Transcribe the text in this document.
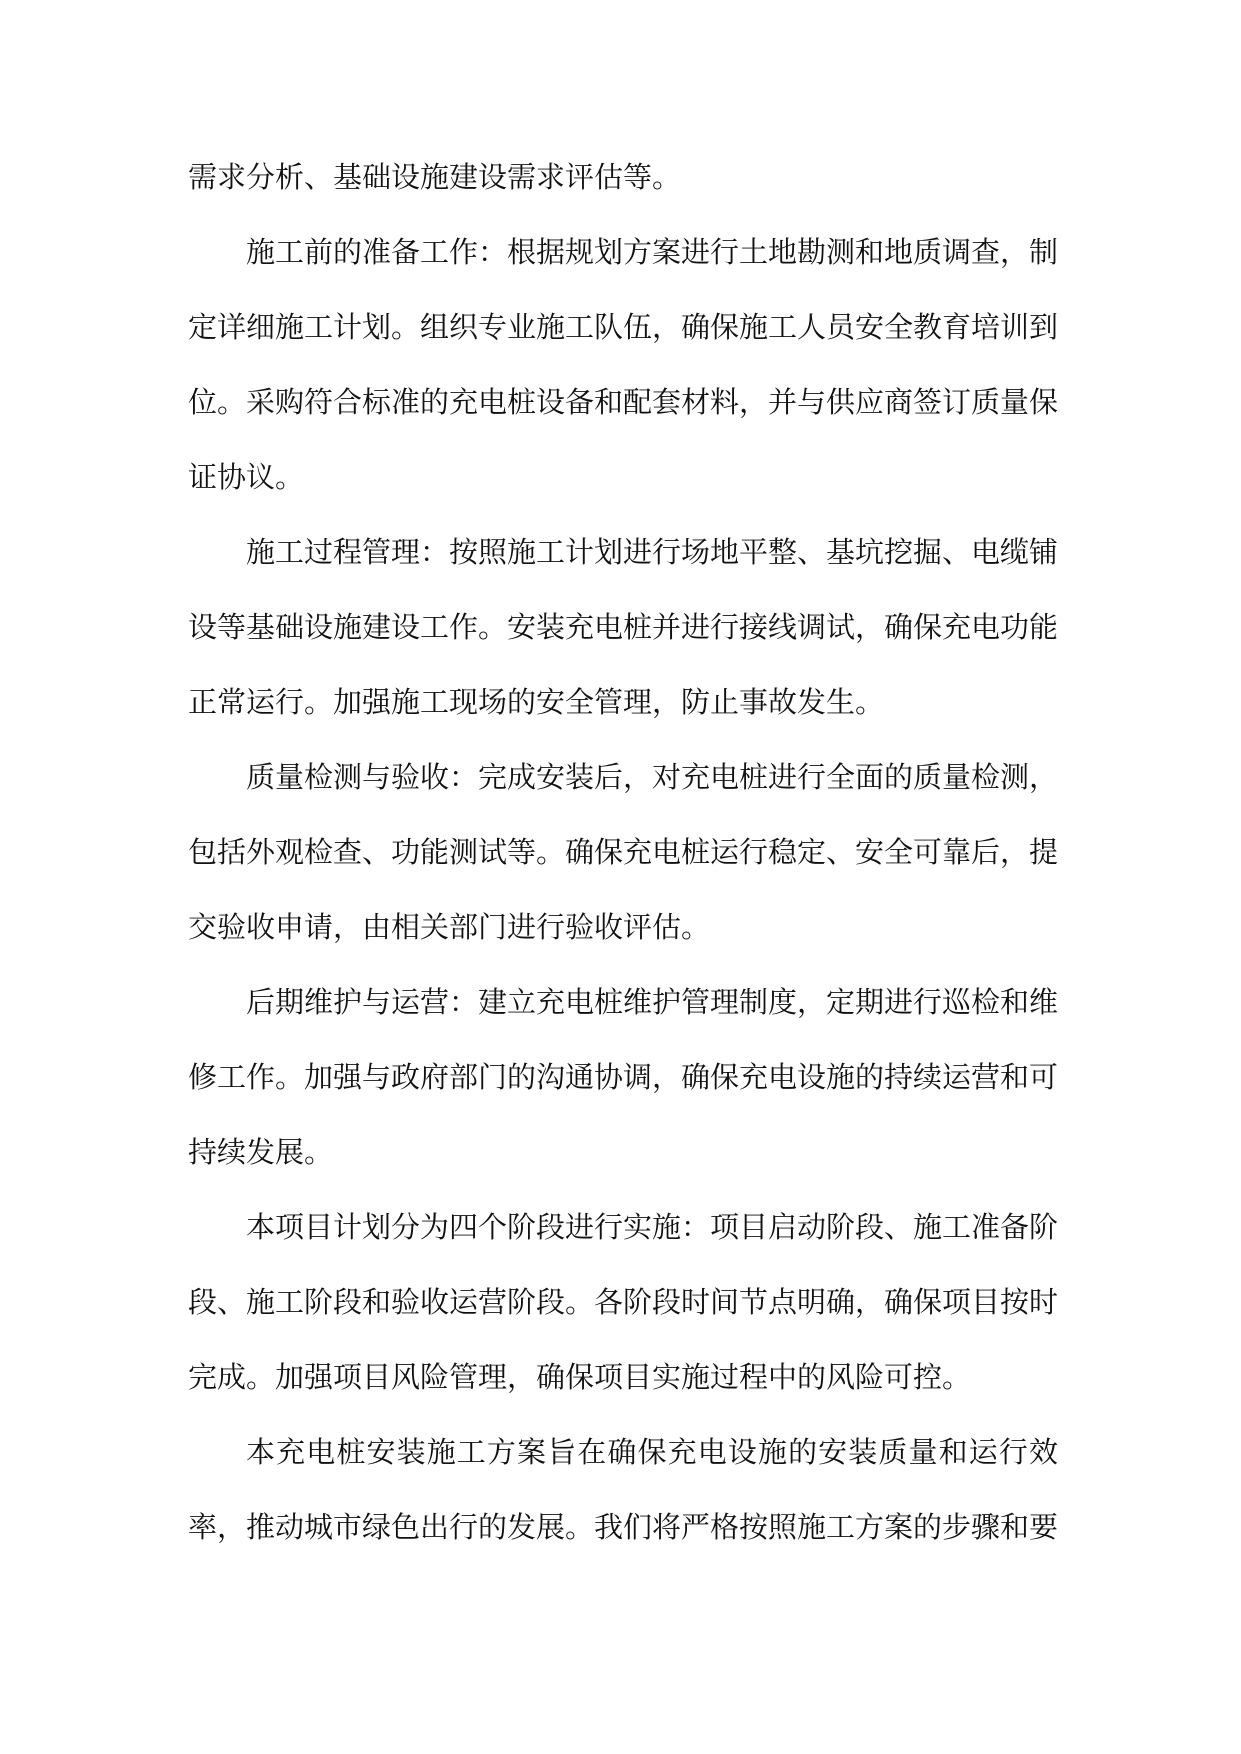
需求分析、基础设施建设需求评估等。

施工前的准备工作：根据规划方案进行土地勘测和地质调查，制定详细施工计划。组织专业施工队伍，确保施工人员安全教育培训到位。采购符合标准的充电桩设备和配套材料，并与供应商签订质量保证协议。

施工过程管理：按照施工计划进行场地平整、基坑挖掘、电缆铺设等基础设施建设工作。安装充电桩并进行接线调试，确保充电功能正常运行。加强施工现场的安全管理，防止事故发生。

质量检测与验收：完成安装后，对充电桩进行全面的质量检测，包括外观检查、功能测试等。确保充电桩运行稳定、安全可靠后，提交验收申请，由相关部门进行验收评估。

后期维护与运营：建立充电桩维护管理制度，定期进行巡检和维修工作。加强与政府部门的沟通协调，确保充电设施的持续运营和可持续发展。

本项目计划分为四个阶段进行实施：项目启动阶段、施工准备阶段、施工阶段和验收运营阶段。各阶段时间节点明确，确保项目按时完成。加强项目风险管理，确保项目实施过程中的风险可控。

本充电桩安装施工方案旨在确保充电设施的安装质量和运行效率，推动城市绿色出行的发展。我们将严格按照施工方案的步骤和要
